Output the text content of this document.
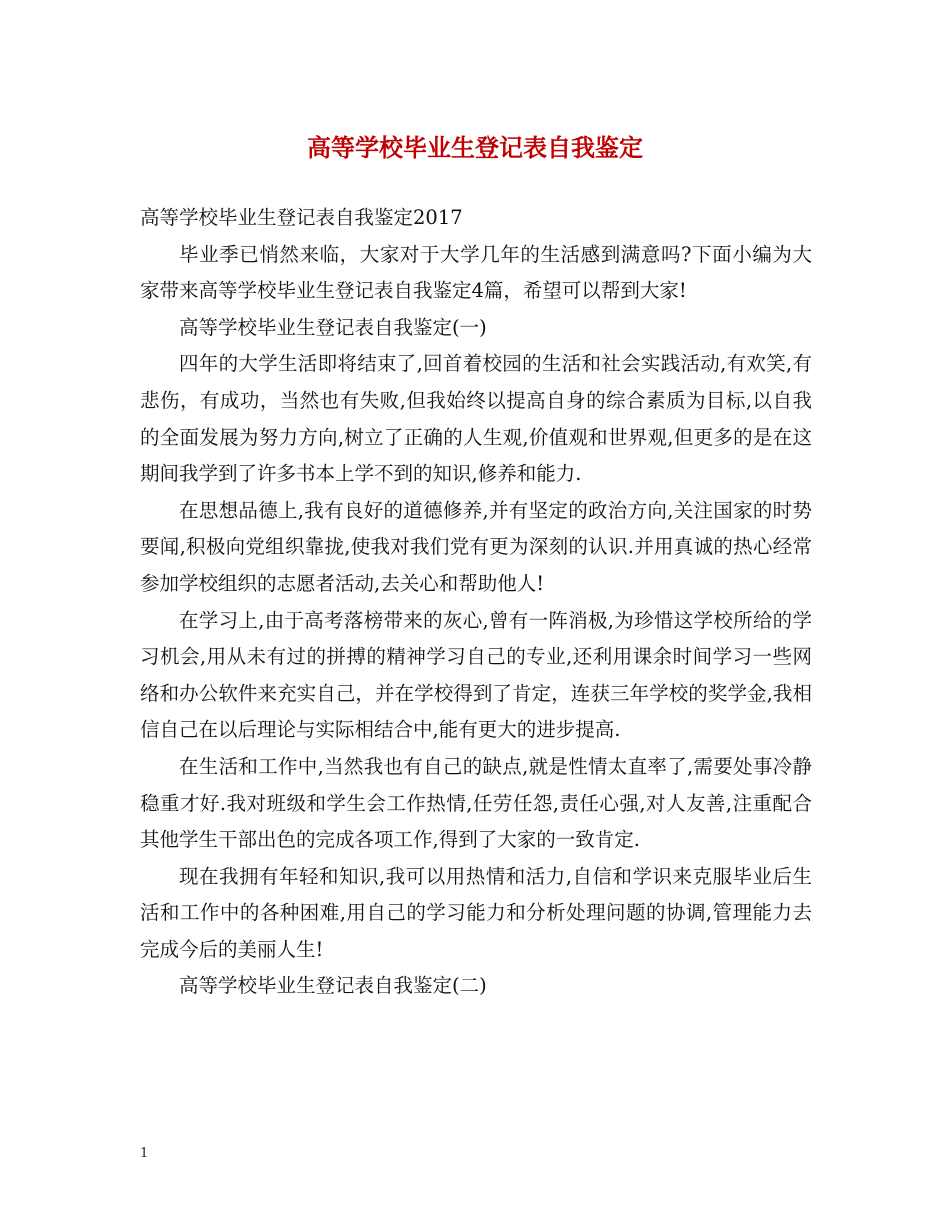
高等学校毕业生登记表自我鉴定

高等学校毕业生登记表自我鉴定2017

毕业季已悄然来临，大家对于大学几年的生活感到满意吗?下面小编为大家带来高等学校毕业生登记表自我鉴定4篇，希望可以帮到大家!

高等学校毕业生登记表自我鉴定(一)

四年的大学生活即将结束了,回首着校园的生活和社会实践活动,有欢笑,有悲伤，有成功，当然也有失败,但我始终以提高自身的综合素质为目标,以自我的全面发展为努力方向,树立了正确的人生观,价值观和世界观,但更多的是在这期间我学到了许多书本上学不到的知识,修养和能力.

在思想品德上,我有良好的道德修养,并有坚定的政治方向,关注国家的时势要闻,积极向党组织靠拢,使我对我们党有更为深刻的认识.并用真诚的热心经常参加学校组织的志愿者活动,去关心和帮助他人!

在学习上,由于高考落榜带来的灰心,曾有一阵消极,为珍惜这学校所给的学习机会,用从未有过的拼搏的精神学习自己的专业,还利用课余时间学习一些网络和办公软件来充实自己，并在学校得到了肯定，连获三年学校的奖学金,我相信自己在以后理论与实际相结合中,能有更大的进步提高.

在生活和工作中,当然我也有自己的缺点,就是性情太直率了,需要处事冷静稳重才好.我对班级和学生会工作热情,任劳任怨,责任心强,对人友善,注重配合其他学生干部出色的完成各项工作,得到了大家的一致肯定.

现在我拥有年轻和知识,我可以用热情和活力,自信和学识来克服毕业后生活和工作中的各种困难,用自己的学习能力和分析处理问题的协调,管理能力去完成今后的美丽人生!

高等学校毕业生登记表自我鉴定(二)

1
